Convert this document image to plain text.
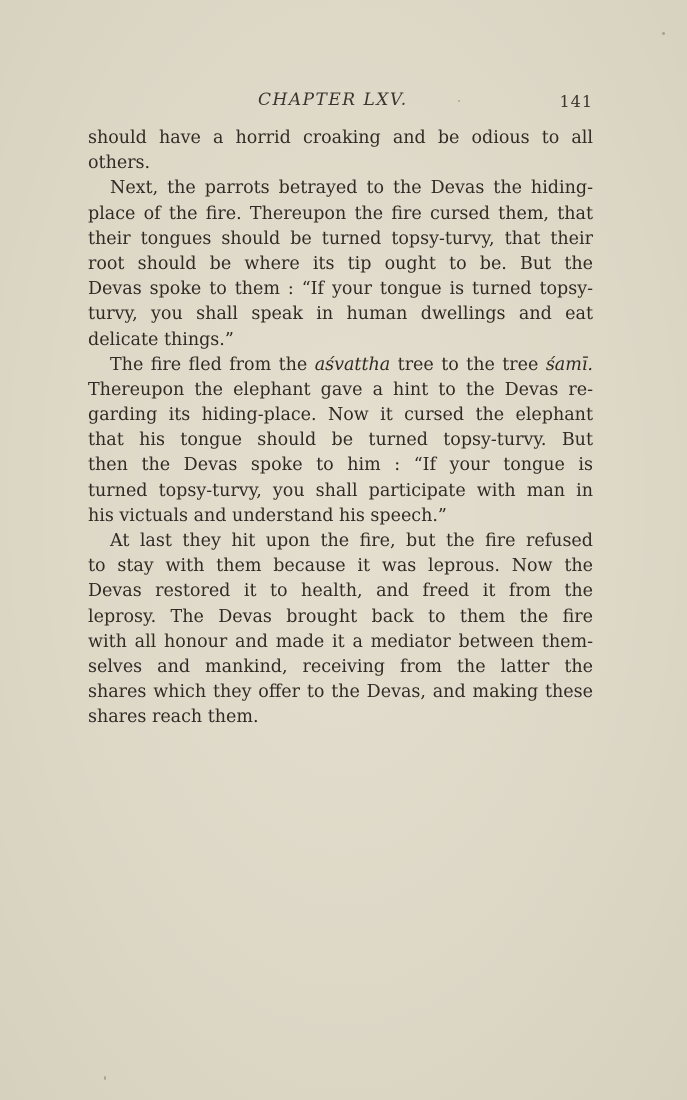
CHAPTER LXV.	141
should have a horrid croaking and be odious to all
others.
Next, the parrots betrayed to the Devas the hiding-
place of the fire. Thereupon the fire cursed them, that
their tongues should be turned topsy-turvy, that their
root should be where its tip ought to be. But the
Devas spoke to them : “If your tongue is turned topsy-
turvy, you shall speak in human dwellings and eat
delicate things.”
The fire fled from the aśvattha tree to the tree śamī.
Thereupon the elephant gave a hint to the Devas re-
garding its hiding-place. Now it cursed the elephant
that his tongue should be turned topsy-turvy. But
then the Devas spoke to him : “If your tongue is
turned topsy-turvy, you shall participate with man in
his victuals and understand his speech.”
At last they hit upon the fire, but the fire refused
to stay with them because it was leprous. Now the
Devas restored it to health, and freed it from the
leprosy. The Devas brought back to them the fire
with all honour and made it a mediator between them-
selves and mankind, receiving from the latter the
shares which they offer to the Devas, and making these
shares reach them.
